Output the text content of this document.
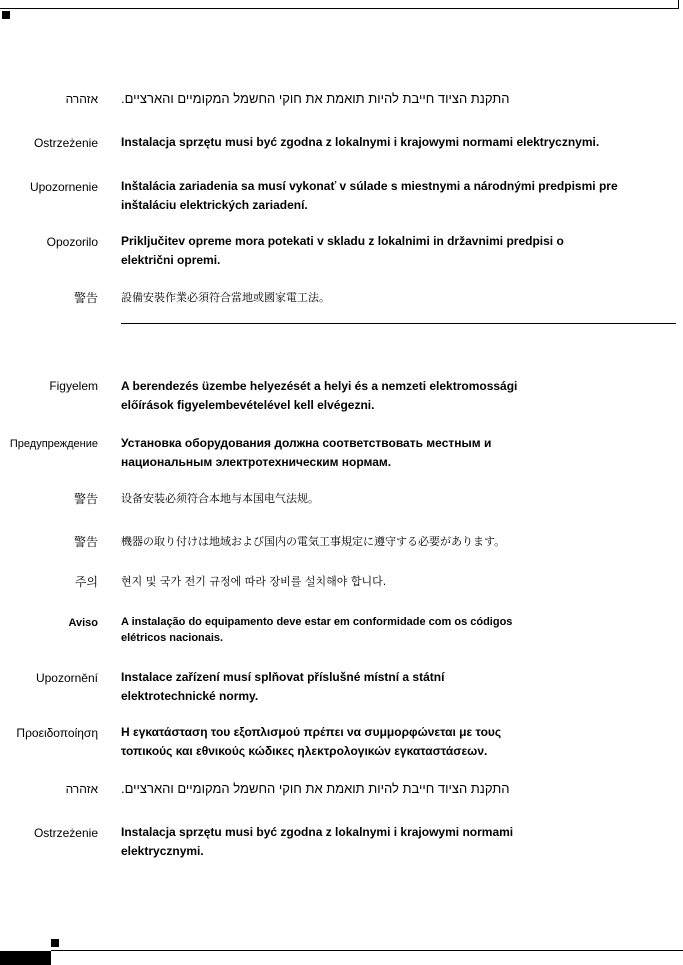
אזהרה התקנת הציוד חייבת להיות תואמת את חוקי החשמל המקומיים והארציים.
Ostrzeżenie Instalacja sprzętu musi być zgodna z lokalnymi i krajowymi normami elektrycznymi.
Upozornenie Inštalácia zariadenia sa musí vykonať v súlade s miestnymi a národnými predpismi pre inštaláciu elektrických zariadení.
Opozorilo Priključitev opreme mora potekati v skladu z lokalnimi in državnimi predpisi o električni opremi.
警告 設備安裝作業必須符合當地或國家電工法。
Figyelem A berendezés üzembe helyezését a helyi és a nemzeti elektromossági előírások figyelembevételével kell elvégezni.
Предупреждение Установка оборудования должна соответствовать местным и национальным электротехническим нормам.
警告 设备安装必须符合本地与本国电气法规。
警告 機器の取り付けは地域および国内の電気工事規定に遵守する必要があります。
주의 현지 및 국가 전기 규정에 따라 장비를 설치해야 합니다.
Aviso A instalação do equipamento deve estar em conformidade com os códigos elétricos nacionais.
Upozornění Instalace zařízení musí splňovat příslušné místní a státní elektrotechnické normy.
Προειδοποίηση Η εγκατάσταση του εξοπλισμού πρέπει να συμμορφώνεται με τους τοπικούς και εθνικούς κώδικες ηλεκτρολογικών εγκαταστάσεων.
אזהרה התקנת הציוד חייבת להיות תואמת את חוקי החשמל המקומיים והארציים.
Ostrzeżenie Instalacja sprzętu musi być zgodna z lokalnymi i krajowymi normami elektrycznymi.
